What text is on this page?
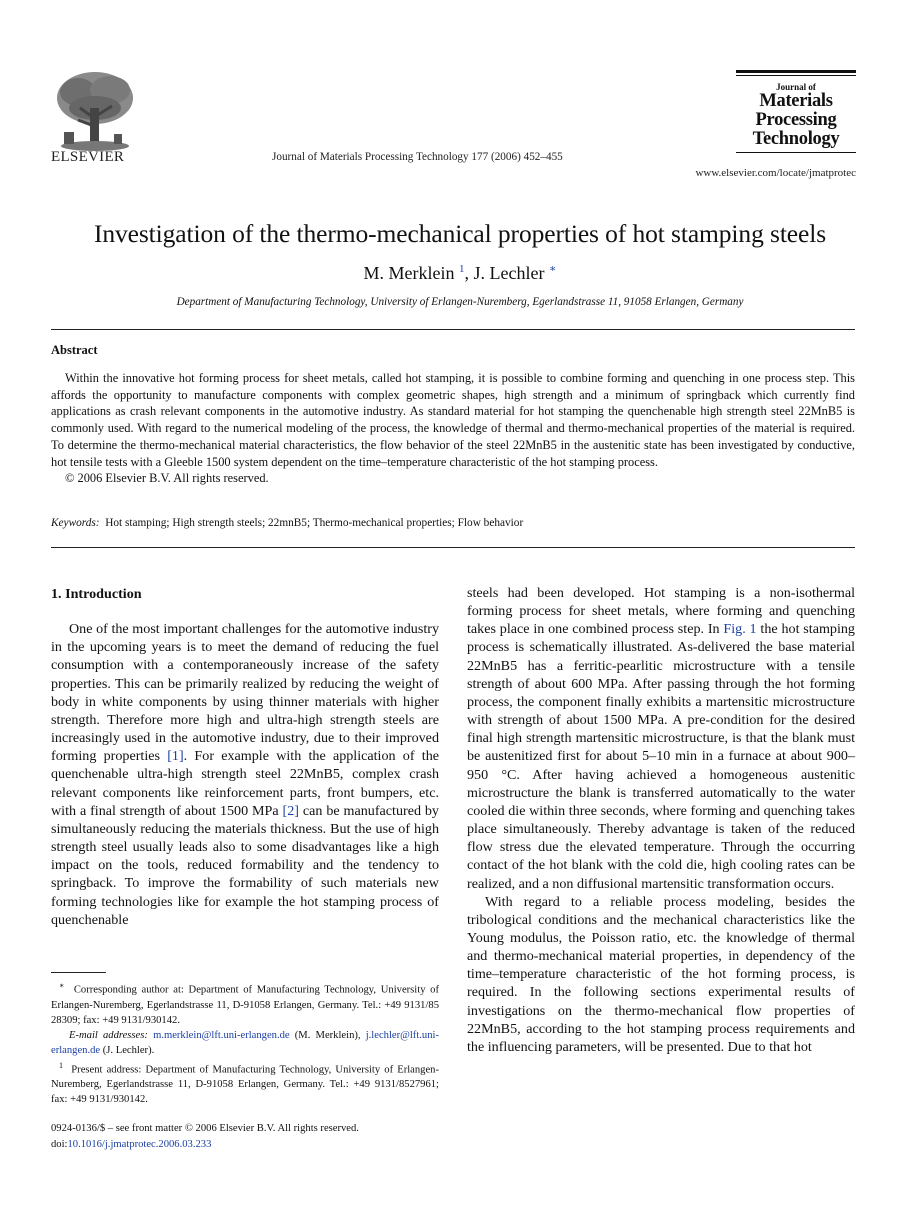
ELSEVIER	Journal of Materials Processing Technology 177 (2006) 452–455
Journal of
Materials
Processing
Technology
www.elsevier.com/locate/jmatprotec
Investigation of the thermo-mechanical properties of hot stamping steels
M. Merklein $^1$, J. Lechler ∗
Department of Manufacturing Technology, University of Erlangen-Nuremberg, Egerlandstrasse 11, 91058 Erlangen, Germany
Abstract

Within the innovative hot forming process for sheet metals, called hot stamping, it is possible to combine forming and quenching in one process step. This affords the opportunity to manufacture components with complex geometric shapes, high strength and a minimum of springback which currently find applications as crash relevant components in the automotive industry. As standard material for hot stamping the quenchenable high strength steel 22MnB5 is commonly used. With regard to the numerical modeling of the process, the knowledge of thermal and thermo-mechanical properties of the material is required. To determine the thermo-mechanical material characteristics, the flow behavior of the steel 22MnB5 in the austenitic state has been investigated by conductive, hot tensile tests with a Gleeble 1500 system dependent on the time–temperature characteristic of the hot stamping process.

© 2006 Elsevier B.V. All rights reserved.

Keywords: Hot stamping; High strength steels; 22mnB5; Thermo-mechanical properties; Flow behavior
1. Introduction

One of the most important challenges for the automotive industry in the upcoming years is to meet the demand of reducing the fuel consumption with a contemporaneously increase of the safety properties. This can be primarily realized by reducing the weight of body in white components by using thinner materials with higher strength. Therefore more high and ultra-high strength steels are increasingly used in the automotive industry, due to their improved forming properties [1]. For example with the application of the quenchenable ultra-high strength steel 22MnB5, complex crash relevant components like reinforcement parts, front bumpers, etc. with a final strength of about 1500 MPa [2] can be manufactured by simultaneously reducing the materials thickness. But the use of high strength steel usually leads also to some disadvantages like a high impact on the tools, reduced formability and the tendency to springback. To improve the formability of such materials new forming technologies like for example the hot stamping process of quenchenable

∗ Corresponding author at: Department of Manufacturing Technology, University of Erlangen-Nuremberg, Egerlandstrasse 11, D-91058 Erlangen, Germany. Tel.: +49 9131/85 28309; fax: +49 9131/930142.

E-mail addresses: m.merklein@lft.uni-erlangen.de (M. Merklein), j.lechler@lft.uni-erlangen.de (J. Lechler).

$^1$ Present address: Department of Manufacturing Technology, University of Erlangen-Nuremberg, Egerlandstrasse 11, D-91058 Erlangen, Germany. Tel.: +49 9131/8527961; fax: +49 9131/930142.

0924-0136/$ – see front matter © 2006 Elsevier B.V. All rights reserved.
doi:10.1016/j.jmatprotec.2006.03.233

steels had been developed. Hot stamping is a non-isothermal forming process for sheet metals, where forming and quenching takes place in one combined process step. In Fig. 1 the hot stamping process is schematically illustrated. As-delivered the base material 22MnB5 has a ferritic-pearlitic microstructure with a tensile strength of about 600 MPa. After passing through the hot forming process, the component finally exhibits a martensitic microstructure with strength of about 1500 MPa. A pre-condition for the desired final high strength martensitic microstructure, is that the blank must be austenitized first for about 5–10 min in a furnace at about 900–950 °C. After having achieved a homogeneous austenitic microstructure the blank is transferred automatically to the water cooled die within three seconds, where forming and quenching takes place simultaneously. Thereby advantage is taken of the reduced flow stress due the elevated temperature. Through the occurring contact of the hot blank with the cold die, high cooling rates can be realized, and a non diffusional martensitic transformation occurs.

With regard to a reliable process modeling, besides the tribological conditions and the mechanical characteristics like the Young modulus, the Poisson ratio, etc. the knowledge of thermal and thermo-mechanical material properties, in dependency of the time–temperature characteristic of the hot forming process, is required. In the following sections experimental results of investigations on the thermo-mechanical flow properties of 22MnB5, according to the hot stamping process requirements and the influencing parameters, will be presented. Due to that hot
